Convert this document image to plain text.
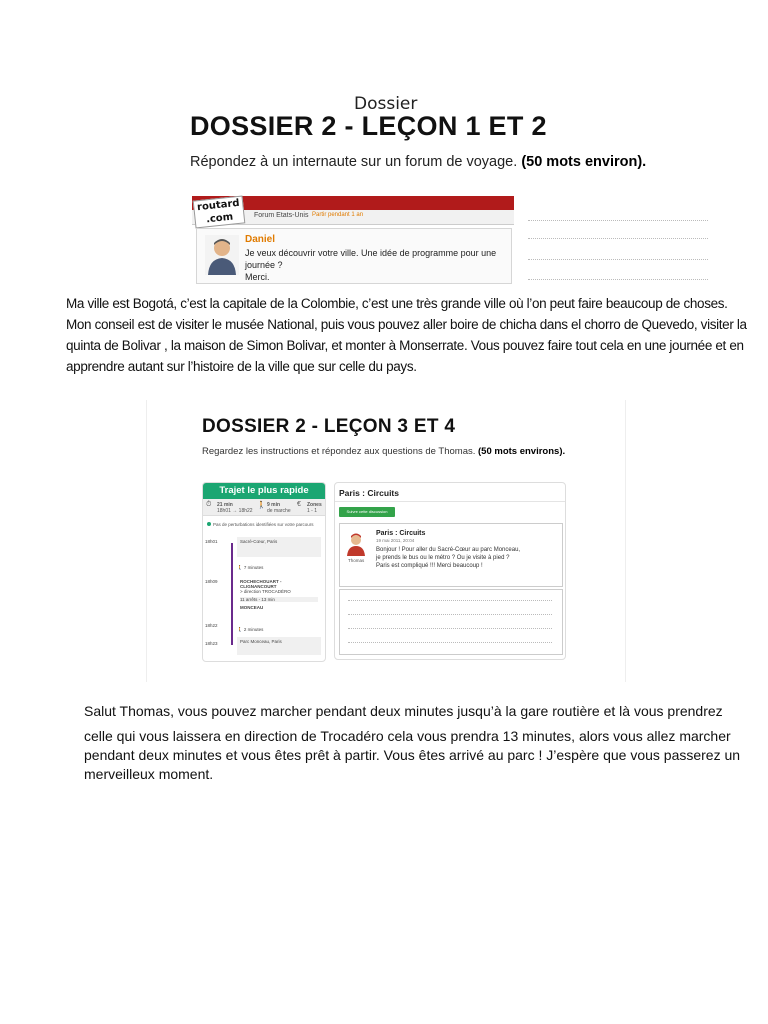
Dossier
DOSSIER 2 - LEÇON 1 ET 2
Répondez à un internaute sur un forum de voyage. (50 mots environ).
routard
.com	Forum Etats-Unis Partir pendant 1 an
Daniel
Je veux découvrir votre ville. Une idée de programme pour une journée ?
Merci.
Ma ville est Bogotá, c’est la capitale de la Colombie, c’est une très grande ville où l’on peut faire beaucoup de choses. Mon conseil est de visiter le musée National, puis vous pouvez aller boire de chicha dans el chorro de Quevedo, visiter la quinta de Bolivar , la maison de Simon Bolivar, et monter à Monserrate. Vous pouvez faire tout cela en une journée et en apprendre autant sur l’histoire de la ville que sur celle du pays.
DOSSIER 2 - LEÇON 3 ET 4
Regardez les instructions et répondez aux questions de Thomas. (50 mots environs).
Trajet le plus rapide
⏱ 21 min
18h01 → 18h22
🚶 9 min
de marche
€ Zones
1 - 1
Pas de perturbations identifiées sur votre parcours
18h01	Sacré-Cœur, Paris
🚶 7 minutes
18h09	ROCHECHOUART - CLIGNANCOURT
> direction TROCADÉRO
11 arrêts - 13 min
MONCEAU
18h22
🚶 2 minutes
18h23	Parc Monceau, Paris
Paris : Circuits
Suivre cette discussion
Thomas
Paris : Circuits
19 mai 2011, 20:04
Bonjour ! Pour aller du Sacré-Cœur au parc Monceau,
je prends le bus ou le métro ? Ou je visite à pied ?
Paris est compliqué !!! Merci beaucoup !

Salut Thomas, vous pouvez marcher pendant deux minutes jusqu’à la gare routière et là vous prendrez

celle qui vous laissera en direction de Trocadéro cela vous prendra 13 minutes, alors vous allez marcher pendant deux minutes et vous êtes prêt à partir. Vous êtes arrivé au parc ! J’espère que vous passerez un merveilleux moment.
